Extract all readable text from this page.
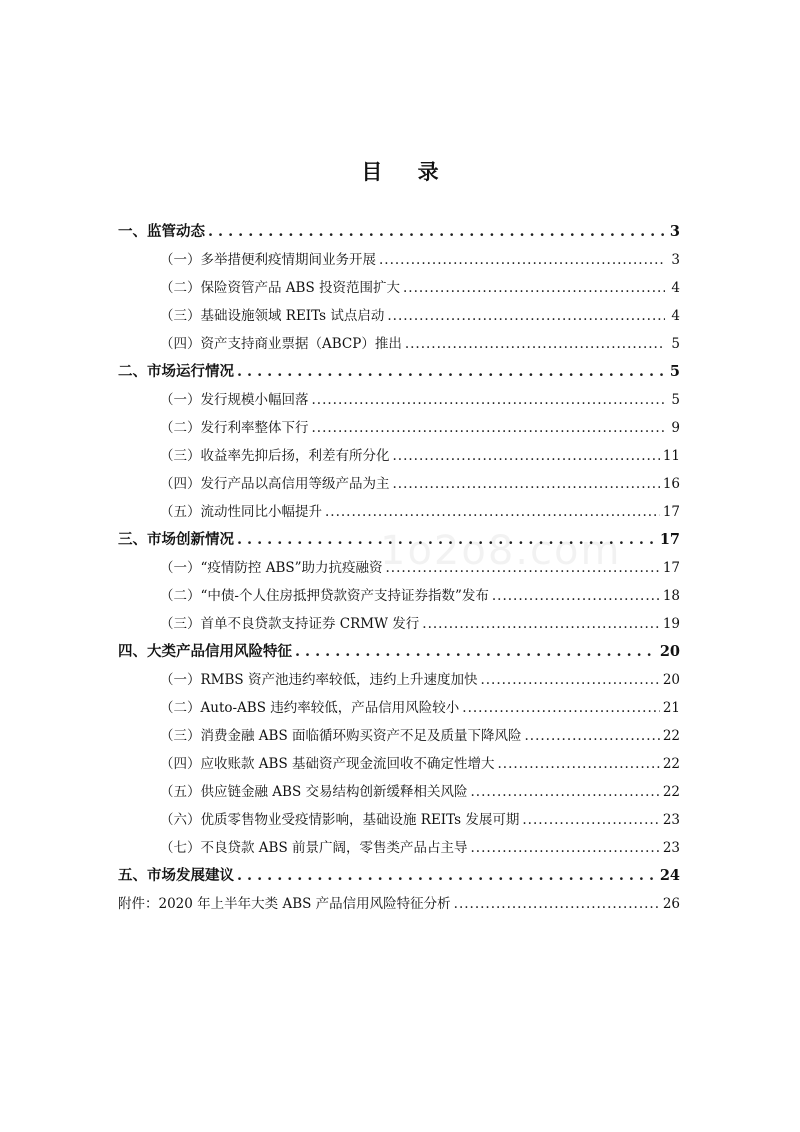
目 录
1o2o8.com
一、监管动态 .....	3
（一）多举措便利疫情期间业务开展 .....	3
（二）保险资管产品 ABS 投资范围扩大 .....	4
（三）基础设施领域 REITs 试点启动 .....	4
（四）资产支持商业票据（ABCP）推出 .....	5
二、市场运行情况 .....	5
（一）发行规模小幅回落 .....	5
（二）发行利率整体下行 .....	9
（三）收益率先抑后扬，利差有所分化 .....	11
（四）发行产品以高信用等级产品为主 .....	16
（五）流动性同比小幅提升 .....	17
三、市场创新情况 .....	17
（一）“疫情防控 ABS”助力抗疫融资 .....	17
（二）“中债-个人住房抵押贷款资产支持证券指数”发布 .....	18
（三）首单不良贷款支持证券 CRMW 发行 .....	19
四、大类产品信用风险特征 .....	20
（一）RMBS 资产池违约率较低，违约上升速度加快 .....	20
（二）Auto-ABS 违约率较低，产品信用风险较小 .....	21
（三）消费金融 ABS 面临循环购买资产不足及质量下降风险 .....	22
（四）应收账款 ABS 基础资产现金流回收不确定性增大 .....	22
（五）供应链金融 ABS 交易结构创新缓释相关风险 .....	22
（六）优质零售物业受疫情影响，基础设施 REITs 发展可期 .....	23
（七）不良贷款 ABS 前景广阔，零售类产品占主导 .....	23
五、市场发展建议 .....	24
附件：2020 年上半年大类 ABS 产品信用风险特征分析 .....	26
